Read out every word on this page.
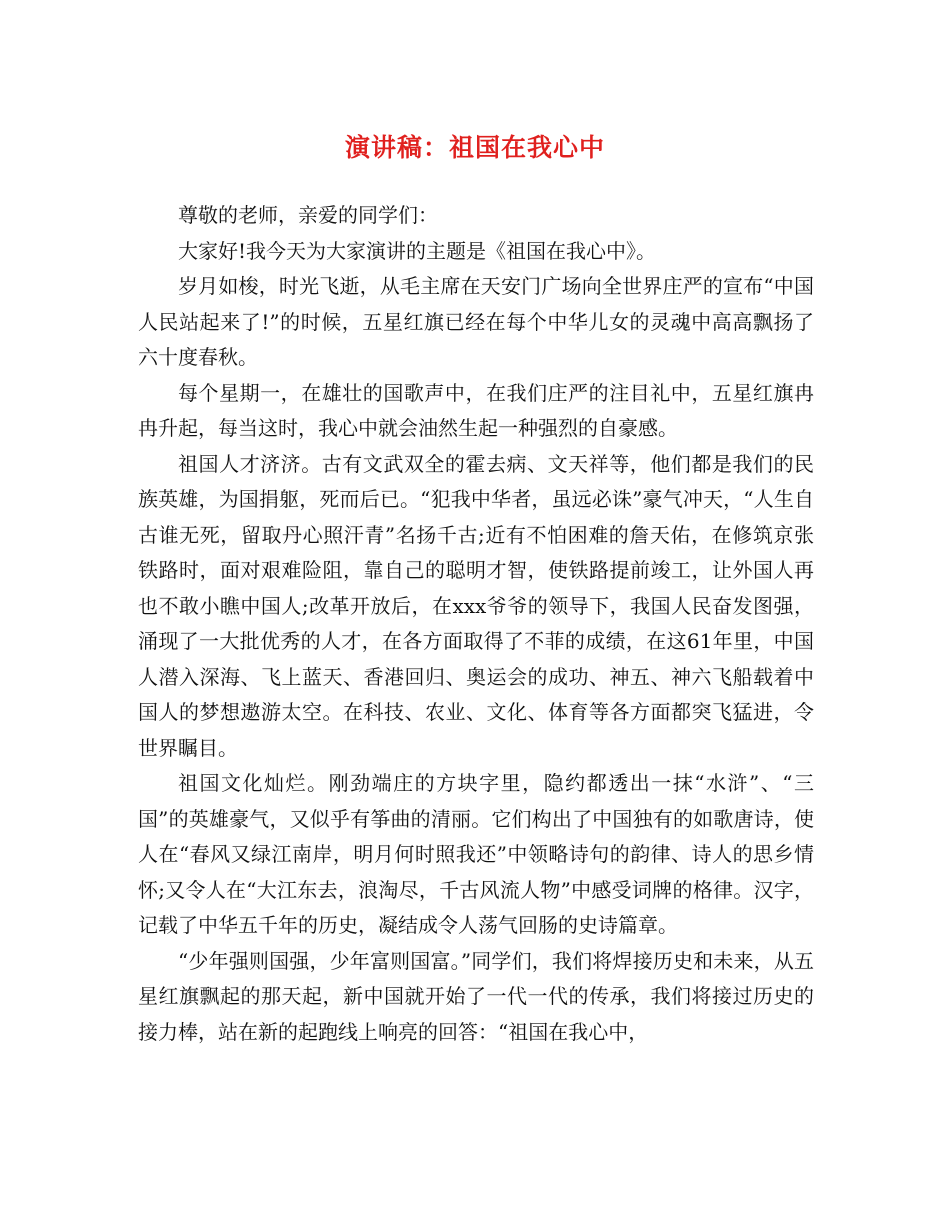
演讲稿：祖国在我心中

尊敬的老师，亲爱的同学们：

大家好!我今天为大家演讲的主题是《祖国在我心中》。

岁月如梭，时光飞逝，从毛主席在天安门广场向全世界庄严的宣布“中国人民站起来了!”的时候，五星红旗已经在每个中华儿女的灵魂中高高飘扬了六十度春秋。

每个星期一，在雄壮的国歌声中，在我们庄严的注目礼中，五星红旗冉冉升起，每当这时，我心中就会油然生起一种强烈的自豪感。

祖国人才济济。古有文武双全的霍去病、文天祥等，他们都是我们的民族英雄，为国捐躯，死而后已。“犯我中华者，虽远必诛”豪气冲天，“人生自古谁无死，留取丹心照汗青”名扬千古;近有不怕困难的詹天佑，在修筑京张铁路时，面对艰难险阻，靠自己的聪明才智，使铁路提前竣工，让外国人再也不敢小瞧中国人;改革开放后，在xxx爷爷的领导下，我国人民奋发图强，涌现了一大批优秀的人才，在各方面取得了不菲的成绩，在这61年里，中国人潜入深海、飞上蓝天、香港回归、奥运会的成功、神五、神六飞船载着中国人的梦想遨游太空。在科技、农业、文化、体育等各方面都突飞猛进，令世界瞩目。

祖国文化灿烂。刚劲端庄的方块字里，隐约都透出一抹“水浒”、“三国”的英雄豪气，又似乎有筝曲的清丽。它们构出了中国独有的如歌唐诗，使人在“春风又绿江南岸，明月何时照我还”中领略诗句的韵律、诗人的思乡情怀;又令人在“大江东去，浪淘尽，千古风流人物”中感受词牌的格律。汉字，记载了中华五千年的历史，凝结成令人荡气回肠的史诗篇章。

“少年强则国强，少年富则国富。”同学们，我们将焊接历史和未来，从五星红旗飘起的那天起，新中国就开始了一代一代的传承，我们将接过历史的接力棒，站在新的起跑线上响亮的回答：“祖国在我心中，
